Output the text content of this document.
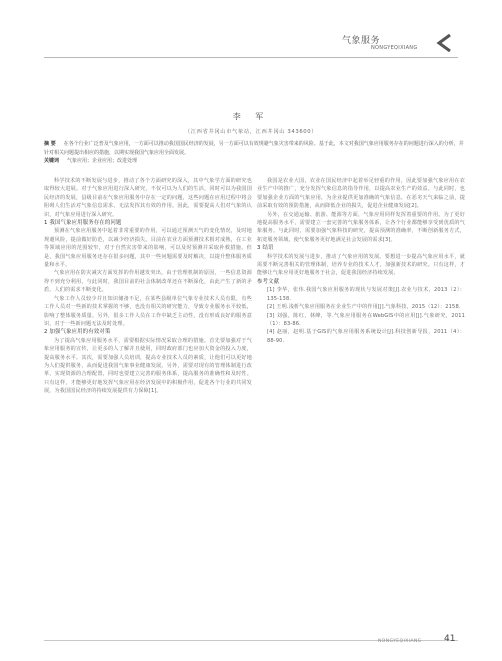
气象服务
NONGYEQIXIANG
李 军
（江西省井冈山市气象站，江西井冈山 343600）
摘 要 在各个行业广泛普及气象应用，一方面可以推动我国国民经济的发展，另一方面可以有效规避气象灾害带来的风险。基于此，本文对我国气象应用服务存在的问题进行深入的分析，并针对相关问题提出相应的措施，以期实现我国气象应用全面发展。
关键词 气象应用；企业应用；改进处理

科学技术的不断发展与进步，推动了各个方面研究的深入，其中气象学方面的研究也取得较大进展。对于气象应用进行深入研究，不仅可以为人们的生活，同时可以为我国国民经济的发展，县级目前在气象应用服务中存在一定的问题，这些问题在应用过程中将会阻碍人们生活对气象信息需求，无法发挥其有效的作用。因此，需要提高人们对气象的认识，对气象应用进行深入研究。

1 我国气象应用服务存在的问题

预测在气象应用服务中起着非常重要的作用，可以通过预测天气的变化情况，及时地规避风险，提前做好防范，以减少经济损失。目前在农业方面预测技术相对成熟，在工业等领域应用的范围较窄，对于自然灾害带来的影响，可以及时预测并采取补救措施。但是，我国气象应用服务还存在很多问题，其中一些问题需要及时解决，以提升整体服务质量和水平。

气象应用在防灾减灾方面发挥的作用越发突出，由于管理机制的原因，一些信息资源得不到充分利用，与此同时，我国目前的社会体制改革还在不断深化，由此产生了新的矛盾，人们的需求不断变化。

气象工作人员较少并且知识储备不足，在某些县级单位气象专业技术人员有限，有些工作人员对一些新的技术掌握的不够，也没有相关的研究能力，导致专业服务水平较低，影响了整体服务质量。另外，很多工作人员在工作中缺乏主动性，没有形成良好的服务意识，对于一些新问题无法及时处理。

2 加强气象应用的有效对策

为了提高气象应用服务水平，需要根据实际情况采取合理的措施。首先要加强对于气象应用服务的宣传，让更多的人了解并且使用，同时政府部门也应加大资金的投入力度，提高服务水平。其次，需要加强人员培训，提高专业技术人员的素质，让他们可以更好地为人们提供服务，从而促进我国气象事业健康发展。另外，需要对现有的管理体制进行改革，实现资源的合理配置，同时也要建立完善的服务体系，提高服务的准确性和及时性。只有这样，才能够更好地发挥气象应用在经济发展中的积极作用，促进各个行业的共同发展，为我国国民经济的持续发展提供有力保障[1]。

我国是农业大国，农业在国民经济中起着举足轻重的作用，因此要加强气象应用在农业生产中的推广，充分发挥气象信息的指导作用，以提高农业生产的效益。与此同时，也要加强企业方面的气象应用，为企业提供更加准确的气象信息，在恶劣天气来临之前，提前采取有效的预防措施，从而降低企业的损失，促进企业健康发展[2]。

另外，在交通运输、旅游、能源等方面，气象应用同样发挥着重要的作用。为了更好地提高服务水平，需要建立一套完善的气象服务体系，让各个行业都能够享受到优质的气象服务。与此同时，需要加强气象科技的研究，提高预测的准确率，不断创新服务方式，拓宽服务领域，使气象服务更好地满足社会发展的需求[3]。

3 结语

科学技术的发展与进步，推动了气象应用的发展。要想进一步提高气象应用水平，就需要不断完善相关的管理体制，培养专业的技术人才，加强新技术的研究。只有这样，才能够让气象应用更好地服务于社会，促进我国经济持续发展。

参考文献

[1] 李华，张伟.我国气象应用服务的现状与发展对策[J].农业与技术，2013（2）：135-138.

[2] 王明.浅析气象应用服务在企业生产中的作用[J].气象科技，2015（12）：2158.

[3] 刘强，陈红，林峰，等.气象应用服务在WebGIS中的应用[J].气象研究，2011（1）：83-86.

[4] 赵丽，赵明.基于GIS的气象应用服务系统设计[J].科技创新导报，2011（4）：88-90.

NONGYEQIXIANG 41
